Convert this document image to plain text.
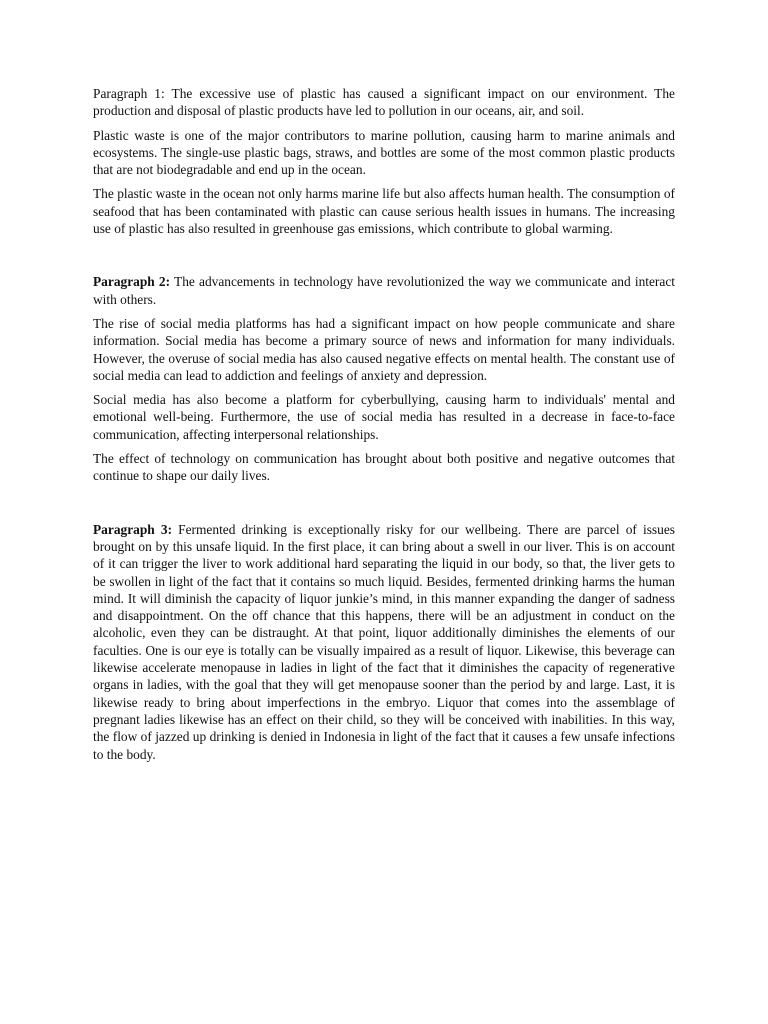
Paragraph 1: The excessive use of plastic has caused a significant impact on our environment. The production and disposal of plastic products have led to pollution in our oceans, air, and soil.

Plastic waste is one of the major contributors to marine pollution, causing harm to marine animals and ecosystems. The single-use plastic bags, straws, and bottles are some of the most common plastic products that are not biodegradable and end up in the ocean.

The plastic waste in the ocean not only harms marine life but also affects human health. The consumption of seafood that has been contaminated with plastic can cause serious health issues in humans. The increasing use of plastic has also resulted in greenhouse gas emissions, which contribute to global warming.

Paragraph 2: The advancements in technology have revolutionized the way we communicate and interact with others.

The rise of social media platforms has had a significant impact on how people communicate and share information. Social media has become a primary source of news and information for many individuals. However, the overuse of social media has also caused negative effects on mental health. The constant use of social media can lead to addiction and feelings of anxiety and depression.

Social media has also become a platform for cyberbullying, causing harm to individuals' mental and emotional well-being. Furthermore, the use of social media has resulted in a decrease in face-to-face communication, affecting interpersonal relationships.

The effect of technology on communication has brought about both positive and negative outcomes that continue to shape our daily lives.

Paragraph 3: Fermented drinking is exceptionally risky for our wellbeing. There are parcel of issues brought on by this unsafe liquid. In the first place, it can bring about a swell in our liver. This is on account of it can trigger the liver to work additional hard separating the liquid in our body, so that, the liver gets to be swollen in light of the fact that it contains so much liquid. Besides, fermented drinking harms the human mind. It will diminish the capacity of liquor junkie’s mind, in this manner expanding the danger of sadness and disappointment. On the off chance that this happens, there will be an adjustment in conduct on the alcoholic, even they can be distraught. At that point, liquor additionally diminishes the elements of our faculties. One is our eye is totally can be visually impaired as a result of liquor. Likewise, this beverage can likewise accelerate menopause in ladies in light of the fact that it diminishes the capacity of regenerative organs in ladies, with the goal that they will get menopause sooner than the period by and large. Last, it is likewise ready to bring about imperfections in the embryo. Liquor that comes into the assemblage of pregnant ladies likewise has an effect on their child, so they will be conceived with inabilities. In this way, the flow of jazzed up drinking is denied in Indonesia in light of the fact that it causes a few unsafe infections to the body.
